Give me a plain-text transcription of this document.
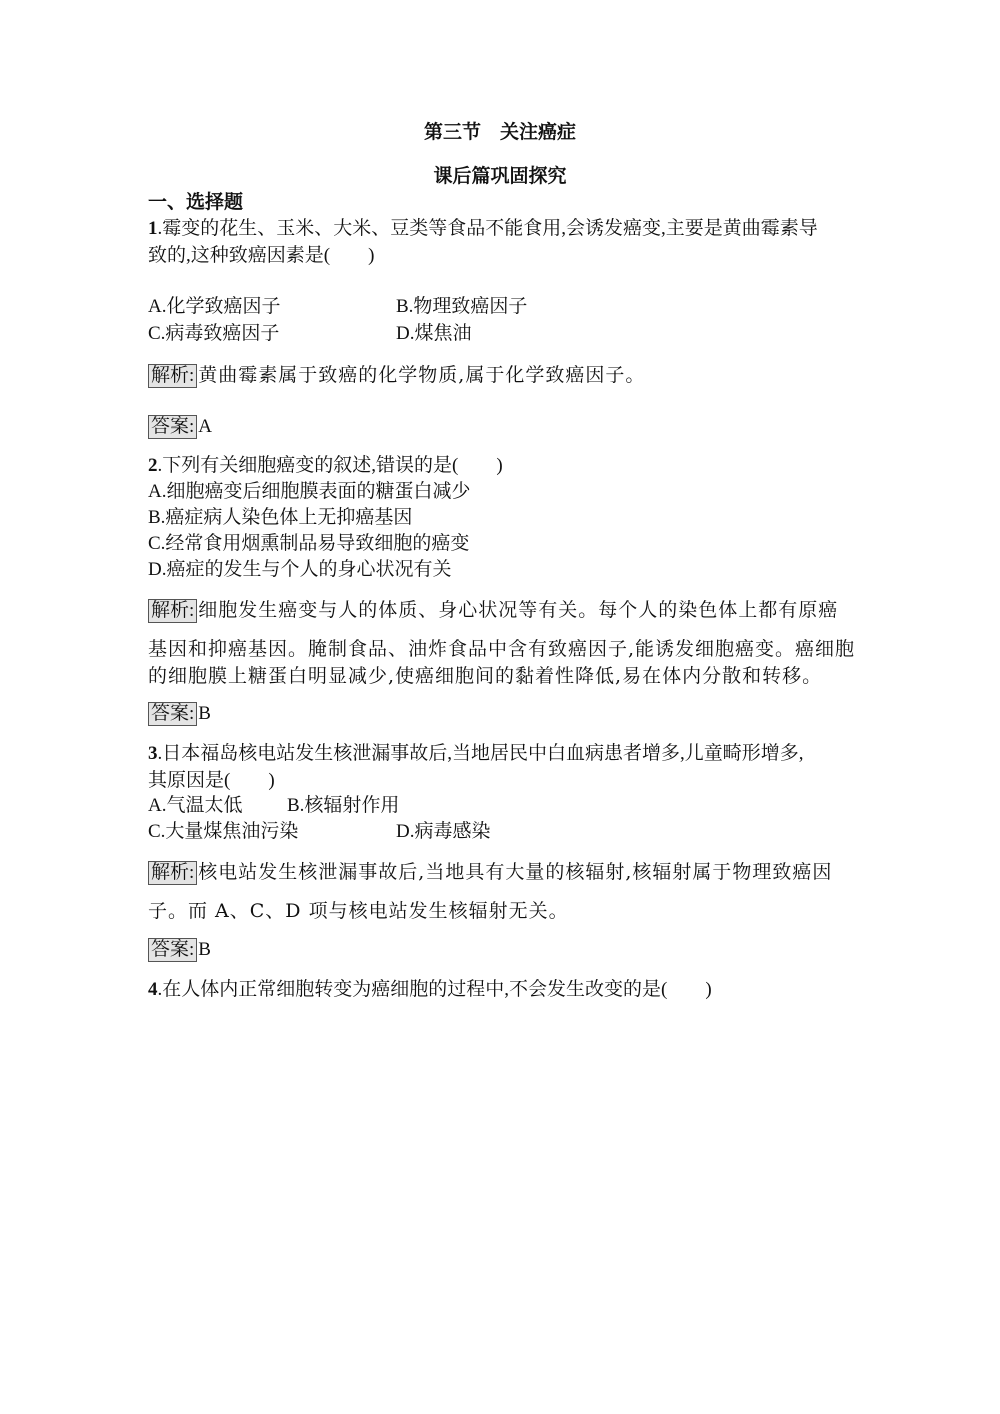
第三节　关注癌症
课后篇巩固探究
一、选择题
1.霉变的花生、玉米、大米、豆类等食品不能食用,会诱发癌变,主要是黄曲霉素导
致的,这种致癌因素是(　　)
A.化学致癌因子	B.物理致癌因子
C.病毒致癌因子	D.煤焦油
解析: 黄曲霉素属于致癌的化学物质,属于化学致癌因子。
答案: A
2.下列有关细胞癌变的叙述,错误的是(　　)
A.细胞癌变后细胞膜表面的糖蛋白减少
B.癌症病人染色体上无抑癌基因
C.经常食用烟熏制品易导致细胞的癌变
D.癌症的发生与个人的身心状况有关
解析: 细胞发生癌变与人的体质、身心状况等有关。每个人的染色体上都有原癌
基因和抑癌基因。腌制食品、油炸食品中含有致癌因子,能诱发细胞癌变。癌细胞
的细胞膜上糖蛋白明显减少,使癌细胞间的黏着性降低,易在体内分散和转移。
答案: B
3.日本福岛核电站发生核泄漏事故后,当地居民中白血病患者增多,儿童畸形增多,
其原因是(　　)
A.气温太低 B.核辐射作用
C.大量煤焦油污染	D.病毒感染
解析: 核电站发生核泄漏事故后,当地具有大量的核辐射,核辐射属于物理致癌因
子。而 A、C、D 项与核电站发生核辐射无关。
答案: B
4.在人体内正常细胞转变为癌细胞的过程中,不会发生改变的是(　　)
